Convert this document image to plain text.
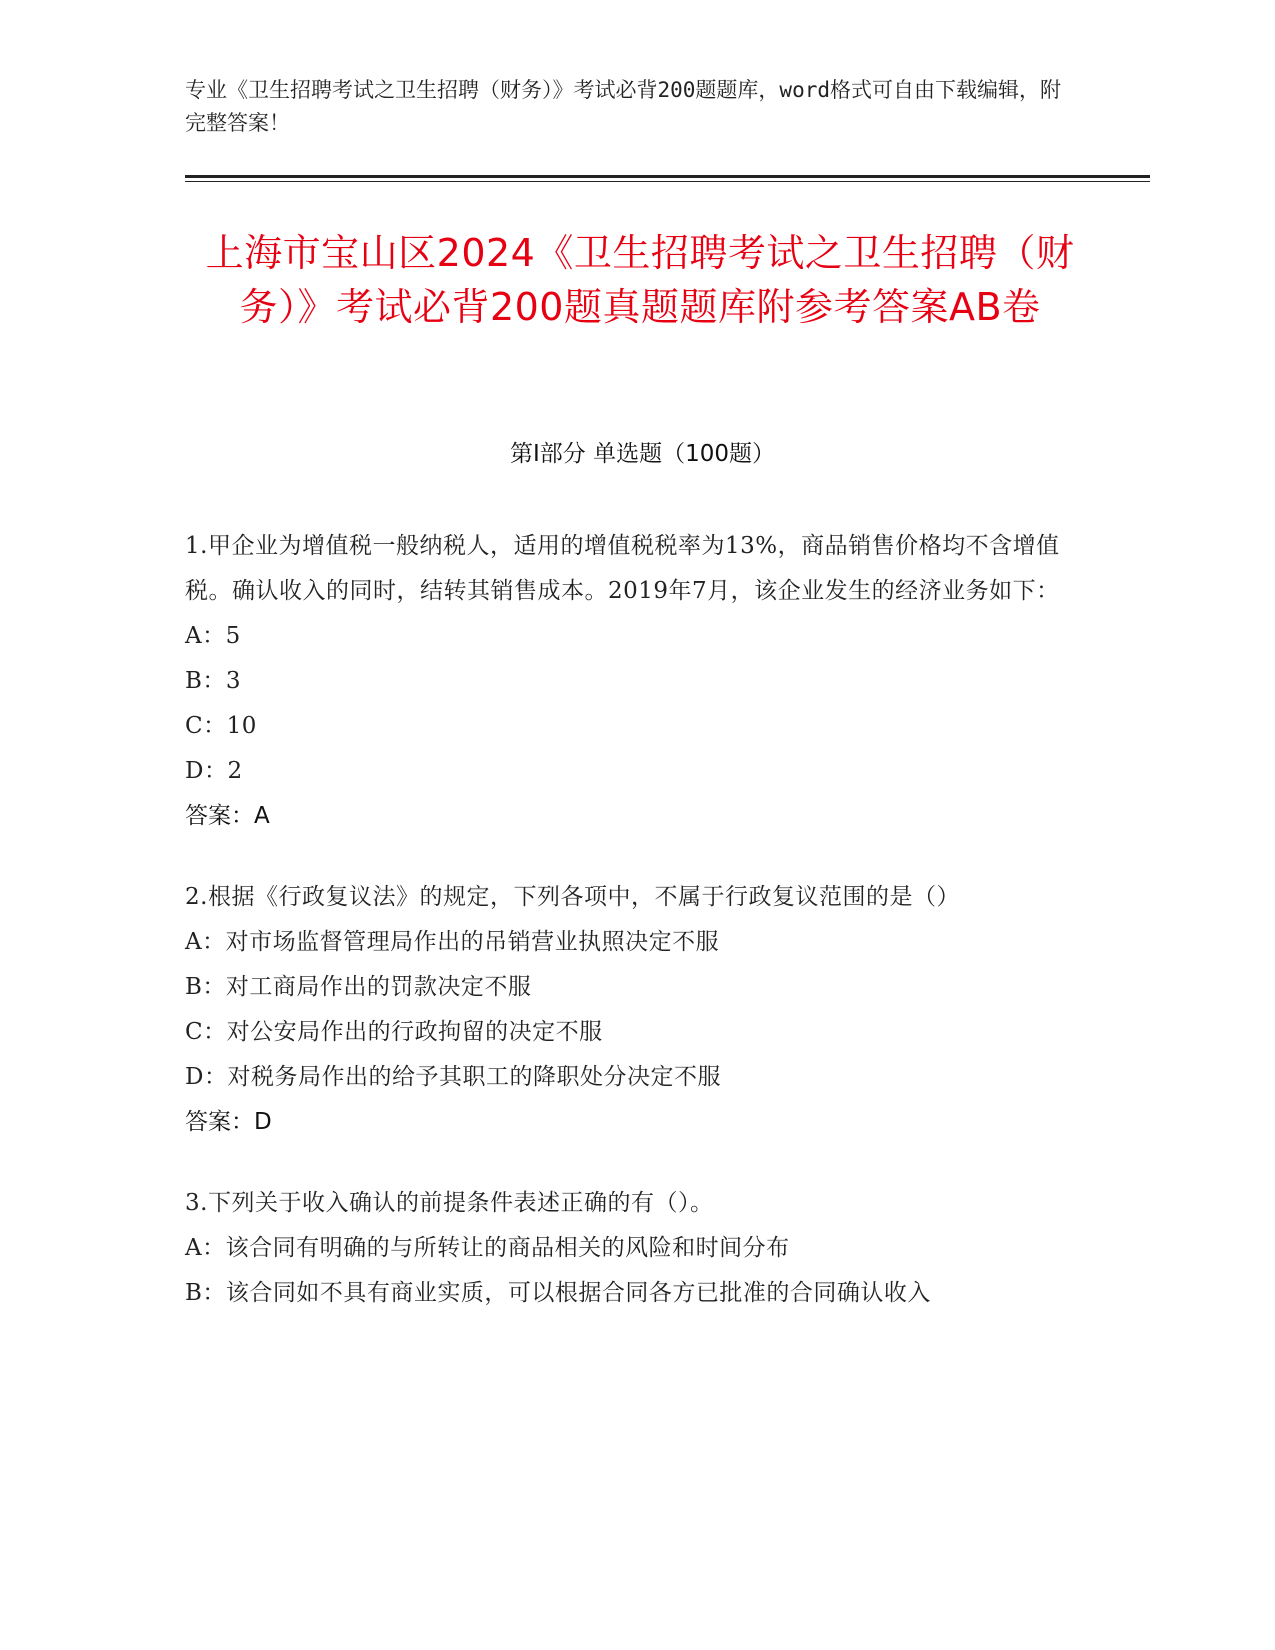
专业《卫生招聘考试之卫生招聘（财务）》考试必背200题题库，word格式可自由下载编辑，附完整答案！
上海市宝山区2024《卫生招聘考试之卫生招聘（财务）》考试必背200题真题题库附参考答案AB卷
第I部分 单选题（100题）

1.甲企业为增值税一般纳税人，适用的增值税税率为13%，商品销售价格均不含增值税。确认收入的同时，结转其销售成本。2019年7月，该企业发生的经济业务如下：

A：5

B：3

C：10

D：2

答案：A

2.根据《行政复议法》的规定，下列各项中，不属于行政复议范围的是（）

A：对市场监督管理局作出的吊销营业执照决定不服

B：对工商局作出的罚款决定不服

C：对公安局作出的行政拘留的决定不服

D：对税务局作出的给予其职工的降职处分决定不服

答案：D

3.下列关于收入确认的前提条件表述正确的有（）。

A：该合同有明确的与所转让的商品相关的风险和时间分布

B：该合同如不具有商业实质，可以根据合同各方已批准的合同确认收入
